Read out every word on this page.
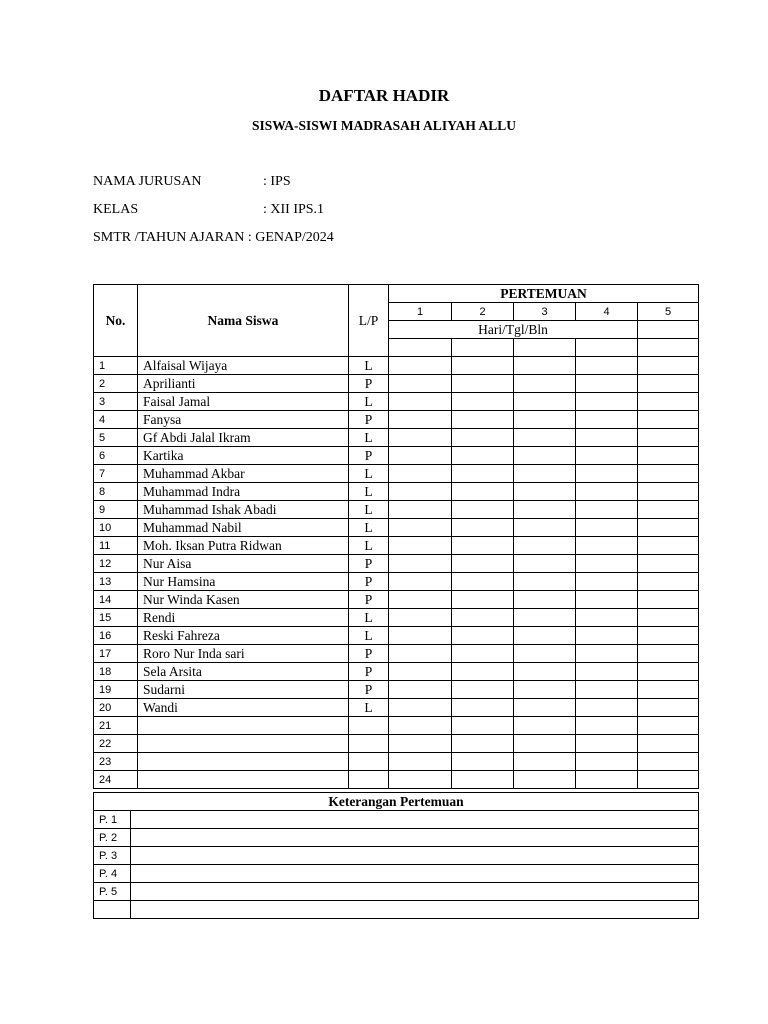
DAFTAR HADIR
SISWA-SISWI MADRASAH ALIYAH ALLU
NAMA JURUSAN	: IPS
KELAS	: XII IPS.1
SMTR /TAHUN AJARAN : GENAP/2024
No.	Nama Siswa	L/P	PERTEMUAN				
			1	2	3	4	5
			Hari/Tgl/Bln				

1	Alfaisal Wijaya	L					
2	Aprilianti	P					
3	Faisal Jamal	L					
4	Fanysa	P					
5	Gf Abdi Jalal Ikram	L					
6	Kartika	P					
7	Muhammad Akbar	L					
8	Muhammad Indra	L					
9	Muhammad Ishak Abadi	L					
10	Muhammad Nabil	L					
11	Moh. Iksan Putra Ridwan	L					
12	Nur Aisa	P					
13	Nur Hamsina	P					
14	Nur Winda Kasen	P					
15	Rendi	L					
16	Reski Fahreza	L					
17	Roro Nur Inda sari	P					
18	Sela Arsita	P					
19	Sudarni	P					
20	Wandi	L					
21							
22							
23							
24							
Keterangan Pertemuan	
P. 1	
P. 2	
P. 3	
P. 4	
P. 5	
